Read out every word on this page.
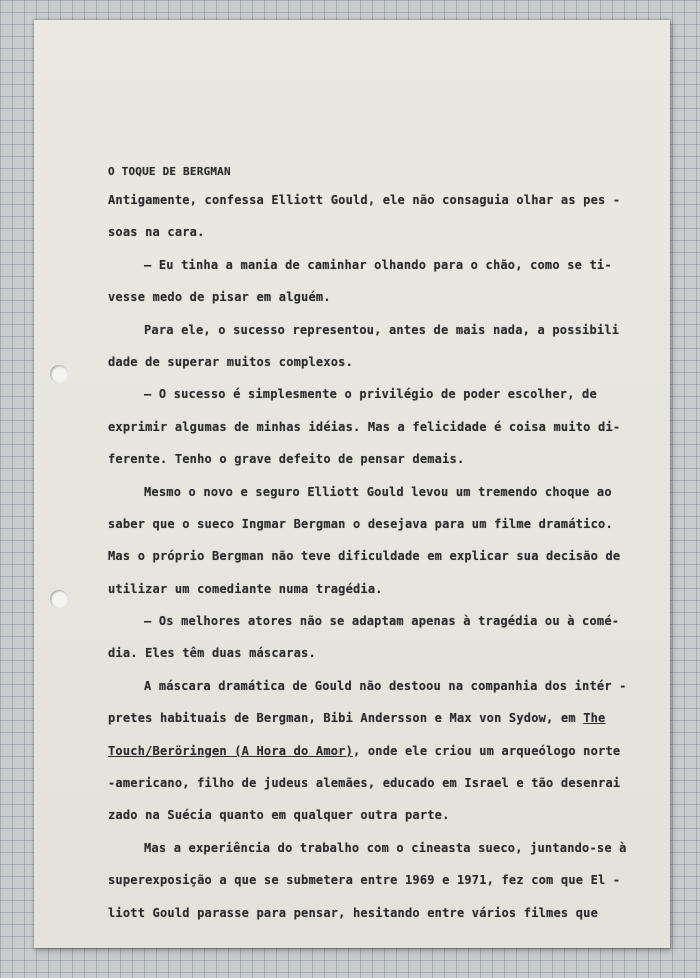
O TOQUE DE BERGMAN
Antigamente, confessa Elliott Gould, ele não consaguia olhar as pes -
soas na cara.
— Eu tinha a mania de caminhar olhando para o chão, como se ti-
vesse medo de pisar em alguém.
Para ele, o sucesso representou, antes de mais nada, a possibili
dade de superar muitos complexos.
— O sucesso é simplesmente o privilégio de poder escolher, de
exprimir algumas de minhas idéias. Mas a felicidade é coisa muito di-
ferente. Tenho o grave defeito de pensar demais.
Mesmo o novo e seguro Elliott Gould levou um tremendo choque ao
saber que o sueco Ingmar Bergman o desejava para um filme dramático.
Mas o próprio Bergman não teve dificuldade em explicar sua decisão de
utilizar um comediante numa tragédia.
— Os melhores atores não se adaptam apenas à tragédia ou à comé-
dia. Eles têm duas máscaras.
A máscara dramática de Gould não destoou na companhia dos intér -
pretes habituais de Bergman, Bibi Andersson e Max von Sydow, em The
Touch/Beröringen (A Hora do Amor), onde ele criou um arqueólogo norte
-americano, filho de judeus alemães, educado em Israel e tão desenrai
zado na Suécia quanto em qualquer outra parte.
Mas a experiência do trabalho com o cineasta sueco, juntando-se à
superexposição a que se submetera entre 1969 e 1971, fez com que El -
liott Gould parasse para pensar, hesitando entre vários filmes que
